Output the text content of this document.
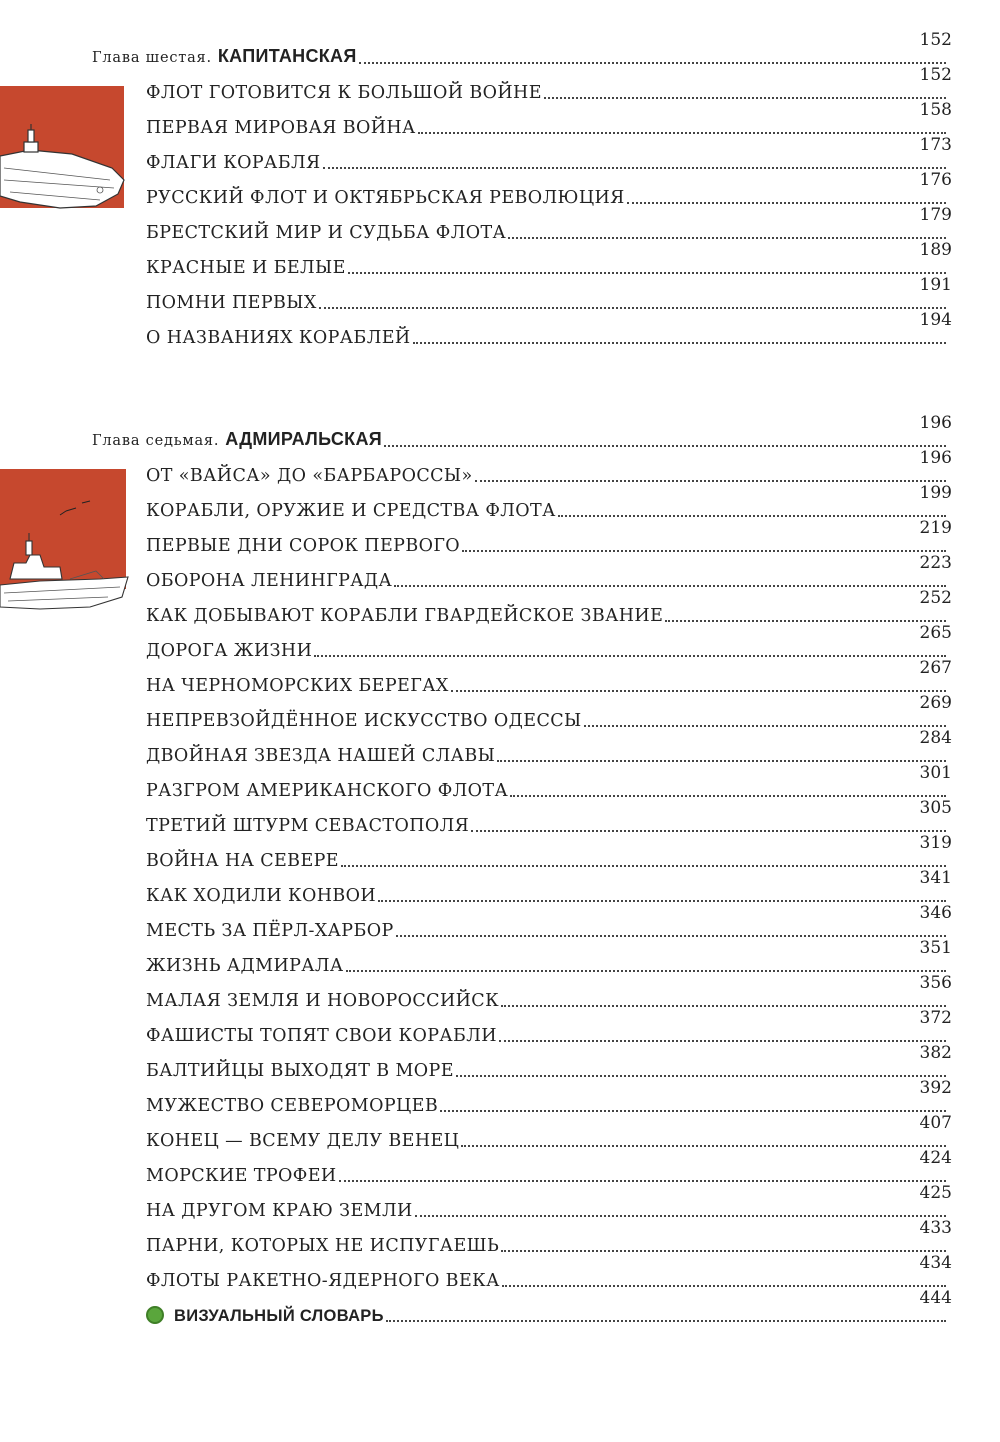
Глава шестая. КАПИТАНСКАЯ
152
ФЛОТ ГОТОВИТСЯ К БОЛЬШОЙ ВОЙНЕ
152
ПЕРВАЯ МИРОВАЯ ВОЙНА
158
ФЛАГИ КОРАБЛЯ
173
РУССКИЙ ФЛОТ И ОКТЯБРЬСКАЯ РЕВОЛЮЦИЯ
176
БРЕСТСКИЙ МИР И СУДЬБА ФЛОТА
179
КРАСНЫЕ И БЕЛЫЕ
189
ПОМНИ ПЕРВЫХ
191
О НАЗВАНИЯХ КОРАБЛЕЙ
194
Глава седьмая. АДМИРАЛЬСКАЯ
196
ОТ «ВАЙСА» ДО «БАРБАРОССЫ»
196
КОРАБЛИ, ОРУЖИЕ И СРЕДСТВА ФЛОТА
199
ПЕРВЫЕ ДНИ СОРОК ПЕРВОГО
219
ОБОРОНА ЛЕНИНГРАДА
223
КАК ДОБЫВАЮТ КОРАБЛИ ГВАРДЕЙСКОЕ ЗВАНИЕ
252
ДОРОГА ЖИЗНИ
265
НА ЧЕРНОМОРСКИХ БЕРЕГАХ
267
НЕПРЕВЗОЙДЁННОЕ ИСКУССТВО ОДЕССЫ
269
ДВОЙНАЯ ЗВЕЗДА НАШЕЙ СЛАВЫ
284
РАЗГРОМ АМЕРИКАНСКОГО ФЛОТА
301
ТРЕТИЙ ШТУРМ СЕВАСТОПОЛЯ
305
ВОЙНА НА СЕВЕРЕ
319
КАК ХОДИЛИ КОНВОИ
341
МЕСТЬ ЗА ПЁРЛ-ХАРБОР
346
ЖИЗНЬ АДМИРАЛА
351
МАЛАЯ ЗЕМЛЯ И НОВОРОССИЙСК
356
ФАШИСТЫ ТОПЯТ СВОИ КОРАБЛИ
372
БАЛТИЙЦЫ ВЫХОДЯТ В МОРЕ
382
МУЖЕСТВО СЕВЕРОМОРЦЕВ
392
КОНЕЦ — ВСЕМУ ДЕЛУ ВЕНЕЦ
407
МОРСКИЕ ТРОФЕИ
424
НА ДРУГОМ КРАЮ ЗЕМЛИ
425
ПАРНИ, КОТОРЫХ НЕ ИСПУГАЕШЬ
433
ФЛОТЫ РАКЕТНО-ЯДЕРНОГО ВЕКА
434
ВИЗУАЛЬНЫЙ СЛОВАРЬ
444
